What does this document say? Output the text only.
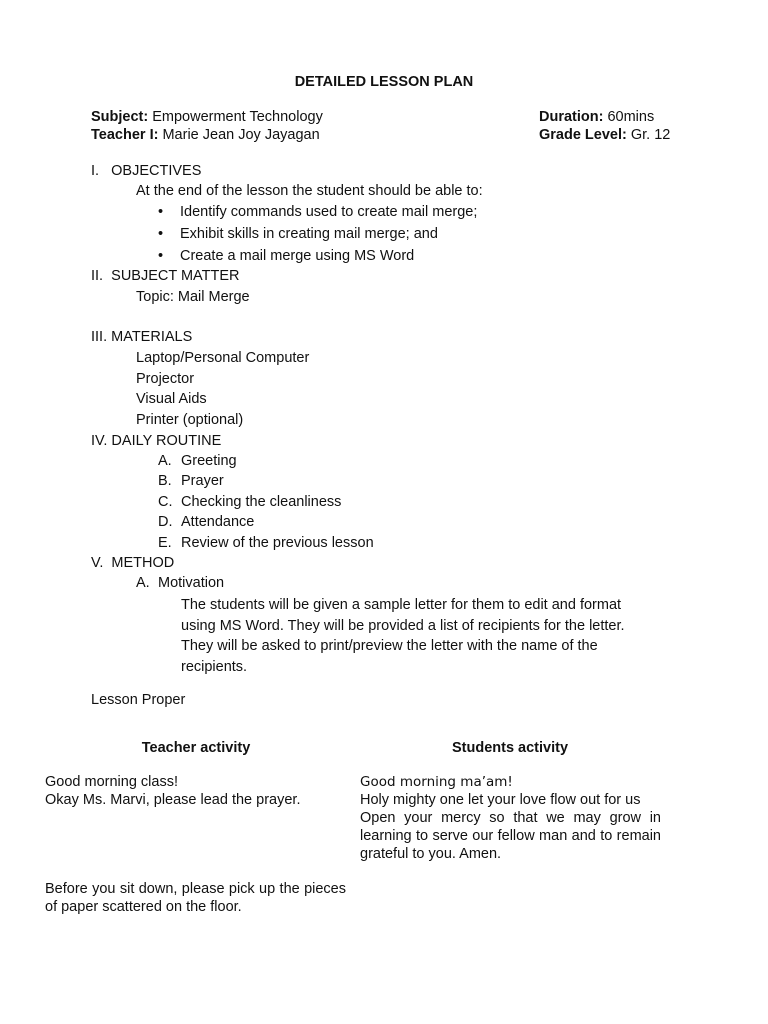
DETAILED LESSON PLAN
Subject: Empowerment Technology
Teacher I: Marie Jean Joy Jayagan
Duration: 60mins
Grade Level: Gr. 12
I.   OBJECTIVES
At the end of the lesson the student should be able to:
• Identify commands used to create mail merge;
• Exhibit skills in creating mail merge; and
• Create a mail merge using MS Word
II.  SUBJECT MATTER
Topic: Mail Merge
III. MATERIALS
Laptop/Personal Computer
Projector
Visual Aids
Printer (optional)
IV. DAILY ROUTINE
A. Greeting
B. Prayer
C. Checking the cleanliness
D. Attendance
E. Review of the previous lesson
V.  METHOD
A. Motivation
The students will be given a sample letter for them to edit and format using MS Word. They will be provided a list of recipients for the letter. They will be asked to print/preview the letter with the name of the recipients.
Lesson Proper
Teacher activity	Students activity
Good morning class!
Okay Ms. Marvi, please lead the prayer.
Before you sit down, please pick up the pieces of paper scattered on the floor.
Good morning ma’am!
Holy mighty one let your love flow out for us
Open your mercy so that we may grow in learning to serve our fellow man and to remain grateful to you. Amen.
